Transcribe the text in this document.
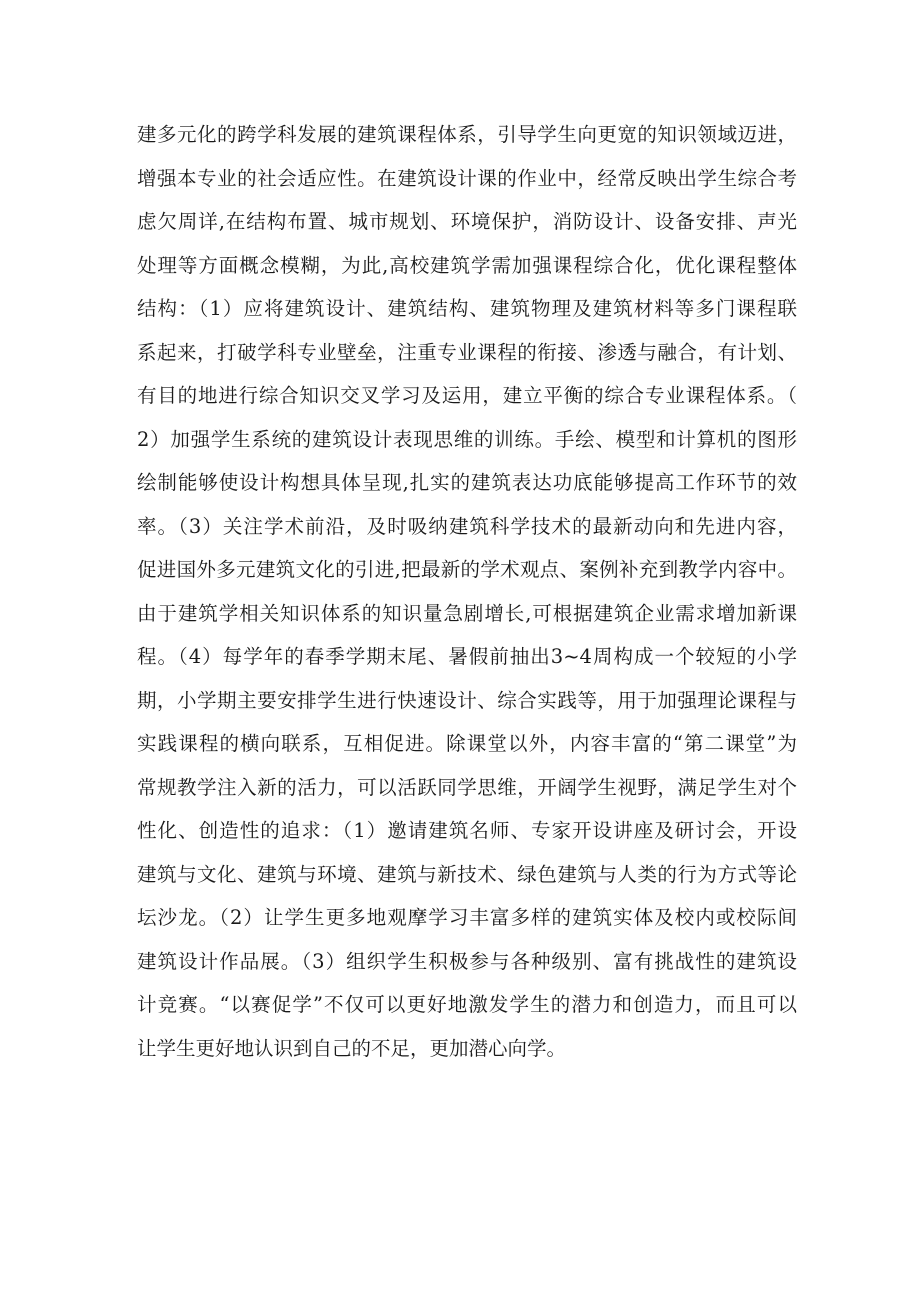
建多元化的跨学科发展的建筑课程体系，引导学生向更宽的知识领域迈进，
增强本专业的社会适应性。在建筑设计课的作业中，经常反映出学生综合考
虑欠周详,在结构布置、城市规划、环境保护，消防设计、设备安排、声光
处理等方面概念模糊，为此,高校建筑学需加强课程综合化，优化课程整体
结构：（1）应将建筑设计、建筑结构、建筑物理及建筑材料等多门课程联
系起来，打破学科专业壁垒，注重专业课程的衔接、渗透与融合，有计划、
有目的地进行综合知识交叉学习及运用，建立平衡的综合专业课程体系。（
2）加强学生系统的建筑设计表现思维的训练。手绘、模型和计算机的图形
绘制能够使设计构想具体呈现,扎实的建筑表达功底能够提高工作环节的效
率。（3）关注学术前沿，及时吸纳建筑科学技术的最新动向和先进内容，
促进国外多元建筑文化的引进,把最新的学术观点、案例补充到教学内容中。
由于建筑学相关知识体系的知识量急剧增长,可根据建筑企业需求增加新课
程。（4）每学年的春季学期末尾、暑假前抽出3~4周构成一个较短的小学
期，小学期主要安排学生进行快速设计、综合实践等，用于加强理论课程与
实践课程的横向联系，互相促进。除课堂以外，内容丰富的“第二课堂”为
常规教学注入新的活力，可以活跃同学思维，开阔学生视野，满足学生对个
性化、创造性的追求：（1）邀请建筑名师、专家开设讲座及研讨会，开设
建筑与文化、建筑与环境、建筑与新技术、绿色建筑与人类的行为方式等论
坛沙龙。（2）让学生更多地观摩学习丰富多样的建筑实体及校内或校际间
建筑设计作品展。（3）组织学生积极参与各种级别、富有挑战性的建筑设
计竞赛。“以赛促学”不仅可以更好地激发学生的潜力和创造力，而且可以
让学生更好地认识到自己的不足，更加潜心向学。
